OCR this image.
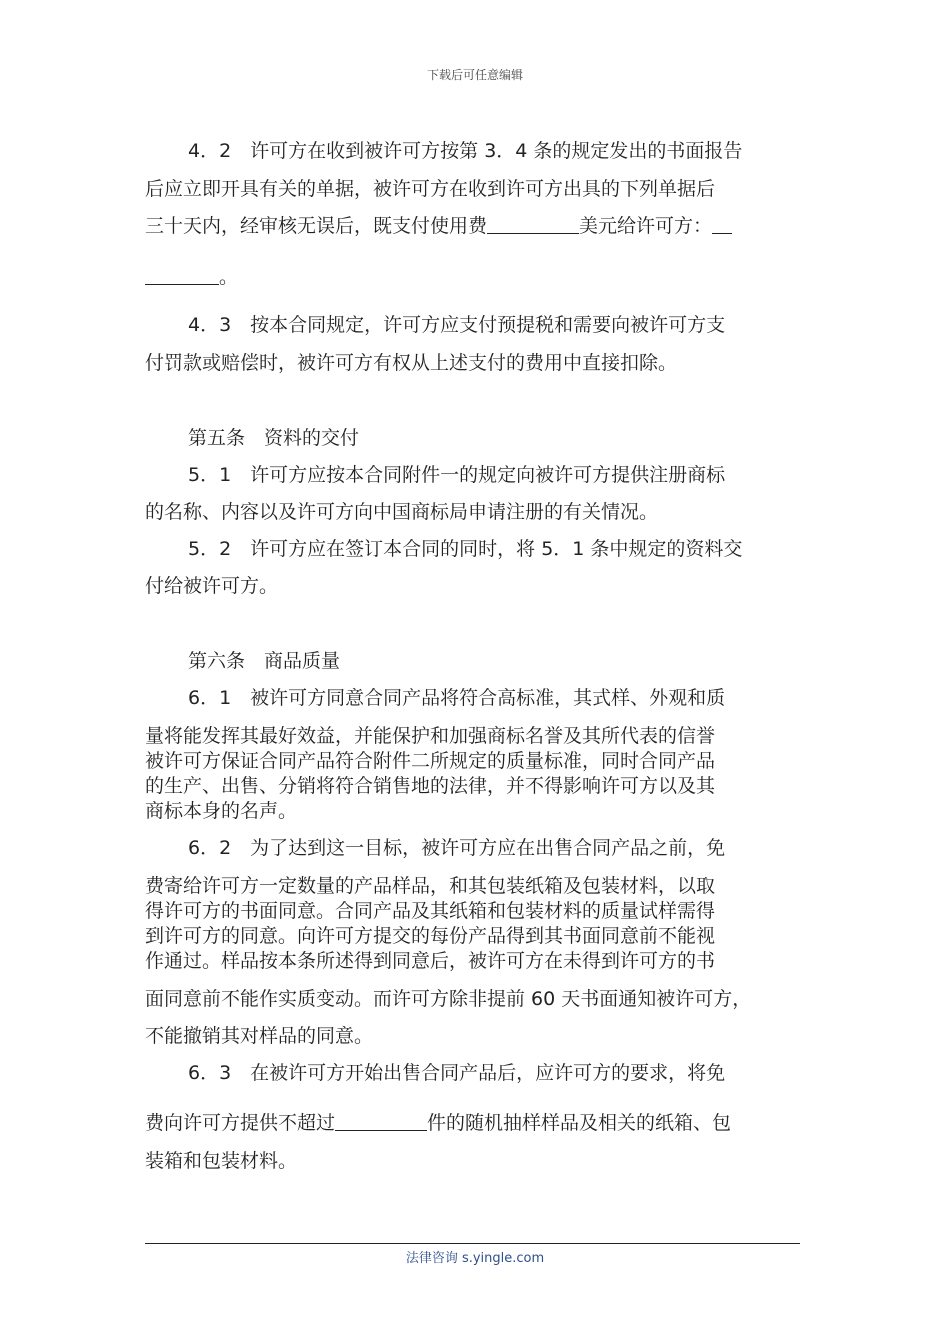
下载后可任意编辑
4．2　许可方在收到被许可方按第 3．4 条的规定发出的书面报告
后应立即开具有关的单据，被许可方在收到许可方出具的下列单据后
三十天内，经审核无误后，既支付使用费	美元给许可方：
。
4．3　按本合同规定，许可方应支付预提税和需要向被许可方支
付罚款或赔偿时，被许可方有权从上述支付的费用中直接扣除。
第五条　资料的交付
5．1　许可方应按本合同附件一的规定向被许可方提供注册商标
的名称、内容以及许可方向中国商标局申请注册的有关情况。
5．2　许可方应在签订本合同的同时，将 5．1 条中规定的资料交
付给被许可方。
第六条　商品质量
6．1　被许可方同意合同产品将符合高标准，其式样、外观和质
量将能发挥其最好效益，并能保护和加强商标名誉及其所代表的信誉
被许可方保证合同产品符合附件二所规定的质量标准，同时合同产品
的生产、出售、分销将符合销售地的法律，并不得影响许可方以及其
商标本身的名声。
6．2　为了达到这一目标，被许可方应在出售合同产品之前，免
费寄给许可方一定数量的产品样品，和其包装纸箱及包装材料，以取
得许可方的书面同意。合同产品及其纸箱和包装材料的质量试样需得
到许可方的同意。向许可方提交的每份产品得到其书面同意前不能视
作通过。样品按本条所述得到同意后，被许可方在未得到许可方的书
面同意前不能作实质变动。而许可方除非提前 60 天书面通知被许可方，
不能撤销其对样品的同意。
6．3　在被许可方开始出售合同产品后，应许可方的要求，将免
费向许可方提供不超过	件的随机抽样样品及相关的纸箱、包
装箱和包装材料。
法律咨询 s.yingle.com
